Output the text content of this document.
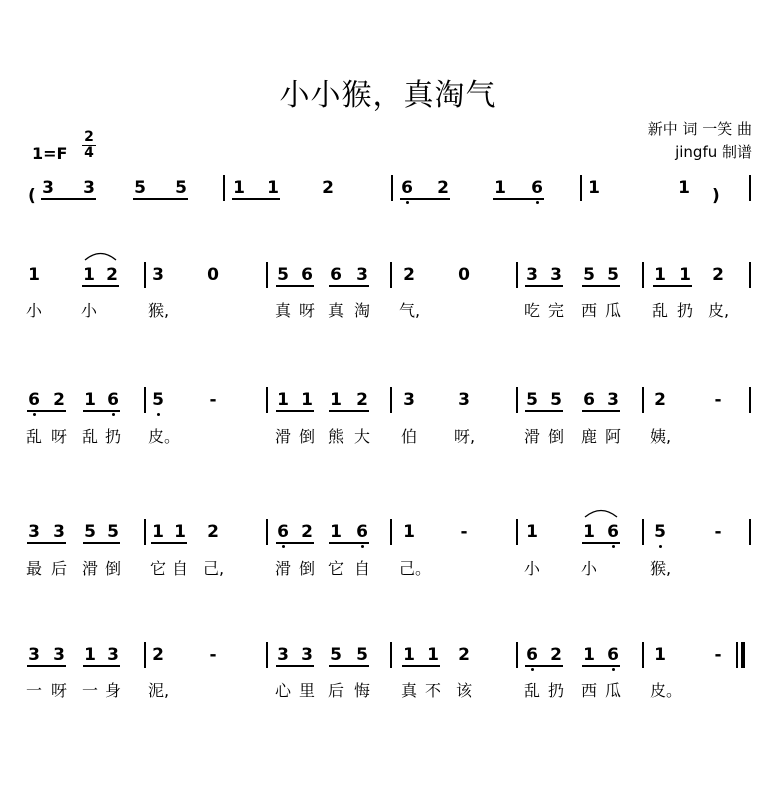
小小猴，真淘气
新中 词 一笑 曲
jingfu 制谱
1=F
2
4
( 3 3 5 5	1 1	2	6 2	1 6	1	1 )
1	1 2 3	0	5 6 6 3 2	0	3 3 5 5 1 1 2
小 小	猴,	真 呀 真 淘 气,	吃 完 西 瓜 乱 扔 皮,
6 2 1 6 5	-	1 1 1 2 3	3	5 5 6 3 2	-
乱 呀 乱 扔 皮。	滑 倒 熊 大 伯 呀,	滑 倒 鹿 阿 姨,
3 3 5 5 1 1 2	6 2 1 6 1	-	1	1 6 5	-
最 后 滑 倒 它 自 己,	滑 倒 它 自 己。	小	小	猴,
3 3 1 3 2	-	3 3 5 5 1 1 2	6 2 1 6 1	-
一 呀 一 身 泥,	心 里 后 悔 真 不 该	乱 扔 西 瓜 皮。
